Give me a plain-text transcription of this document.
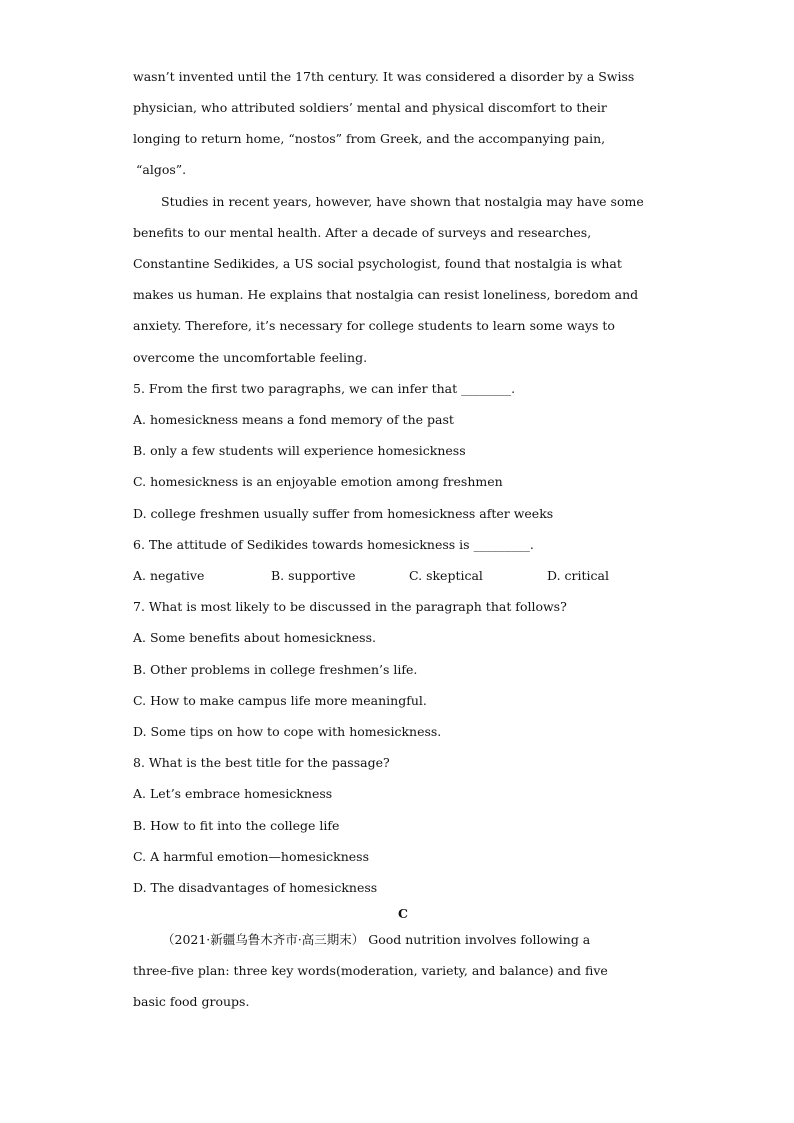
wasn’t invented until the 17th century. It was considered a disorder by a Swiss
physician, who attributed soldiers’ mental and physical discomfort to their
longing to return home, “nostos” from Greek, and the accompanying pain,
“algos”.
Studies in recent years, however, have shown that nostalgia may have some
benefits to our mental health. After a decade of surveys and researches,
Constantine Sedikides, a US social psychologist, found that nostalgia is what
makes us human. He explains that nostalgia can resist loneliness, boredom and
anxiety. Therefore, it’s necessary for college students to learn some ways to
overcome the uncomfortable feeling.
5. From the first two paragraphs, we can infer that ________.
A. homesickness means a fond memory of the past
B. only a few students will experience homesickness
C. homesickness is an enjoyable emotion among freshmen
D. college freshmen usually suffer from homesickness after weeks
6. The attitude of Sedikides towards homesickness is _________.
A. negative	B. supportive	C. skeptical	D. critical
7. What is most likely to be discussed in the paragraph that follows?
A. Some benefits about homesickness.
B. Other problems in college freshmen’s life.
C. How to make campus life more meaningful.
D. Some tips on how to cope with homesickness.
8. What is the best title for the passage?
A. Let’s embrace homesickness
B. How to fit into the college life
C. A harmful emotion—homesickness
D. The disadvantages of homesickness
C
（2021·新疆乌鲁木齐市·高三期末） Good nutrition involves following a
three-five plan: three key words(moderation, variety, and balance) and five
basic food groups.
